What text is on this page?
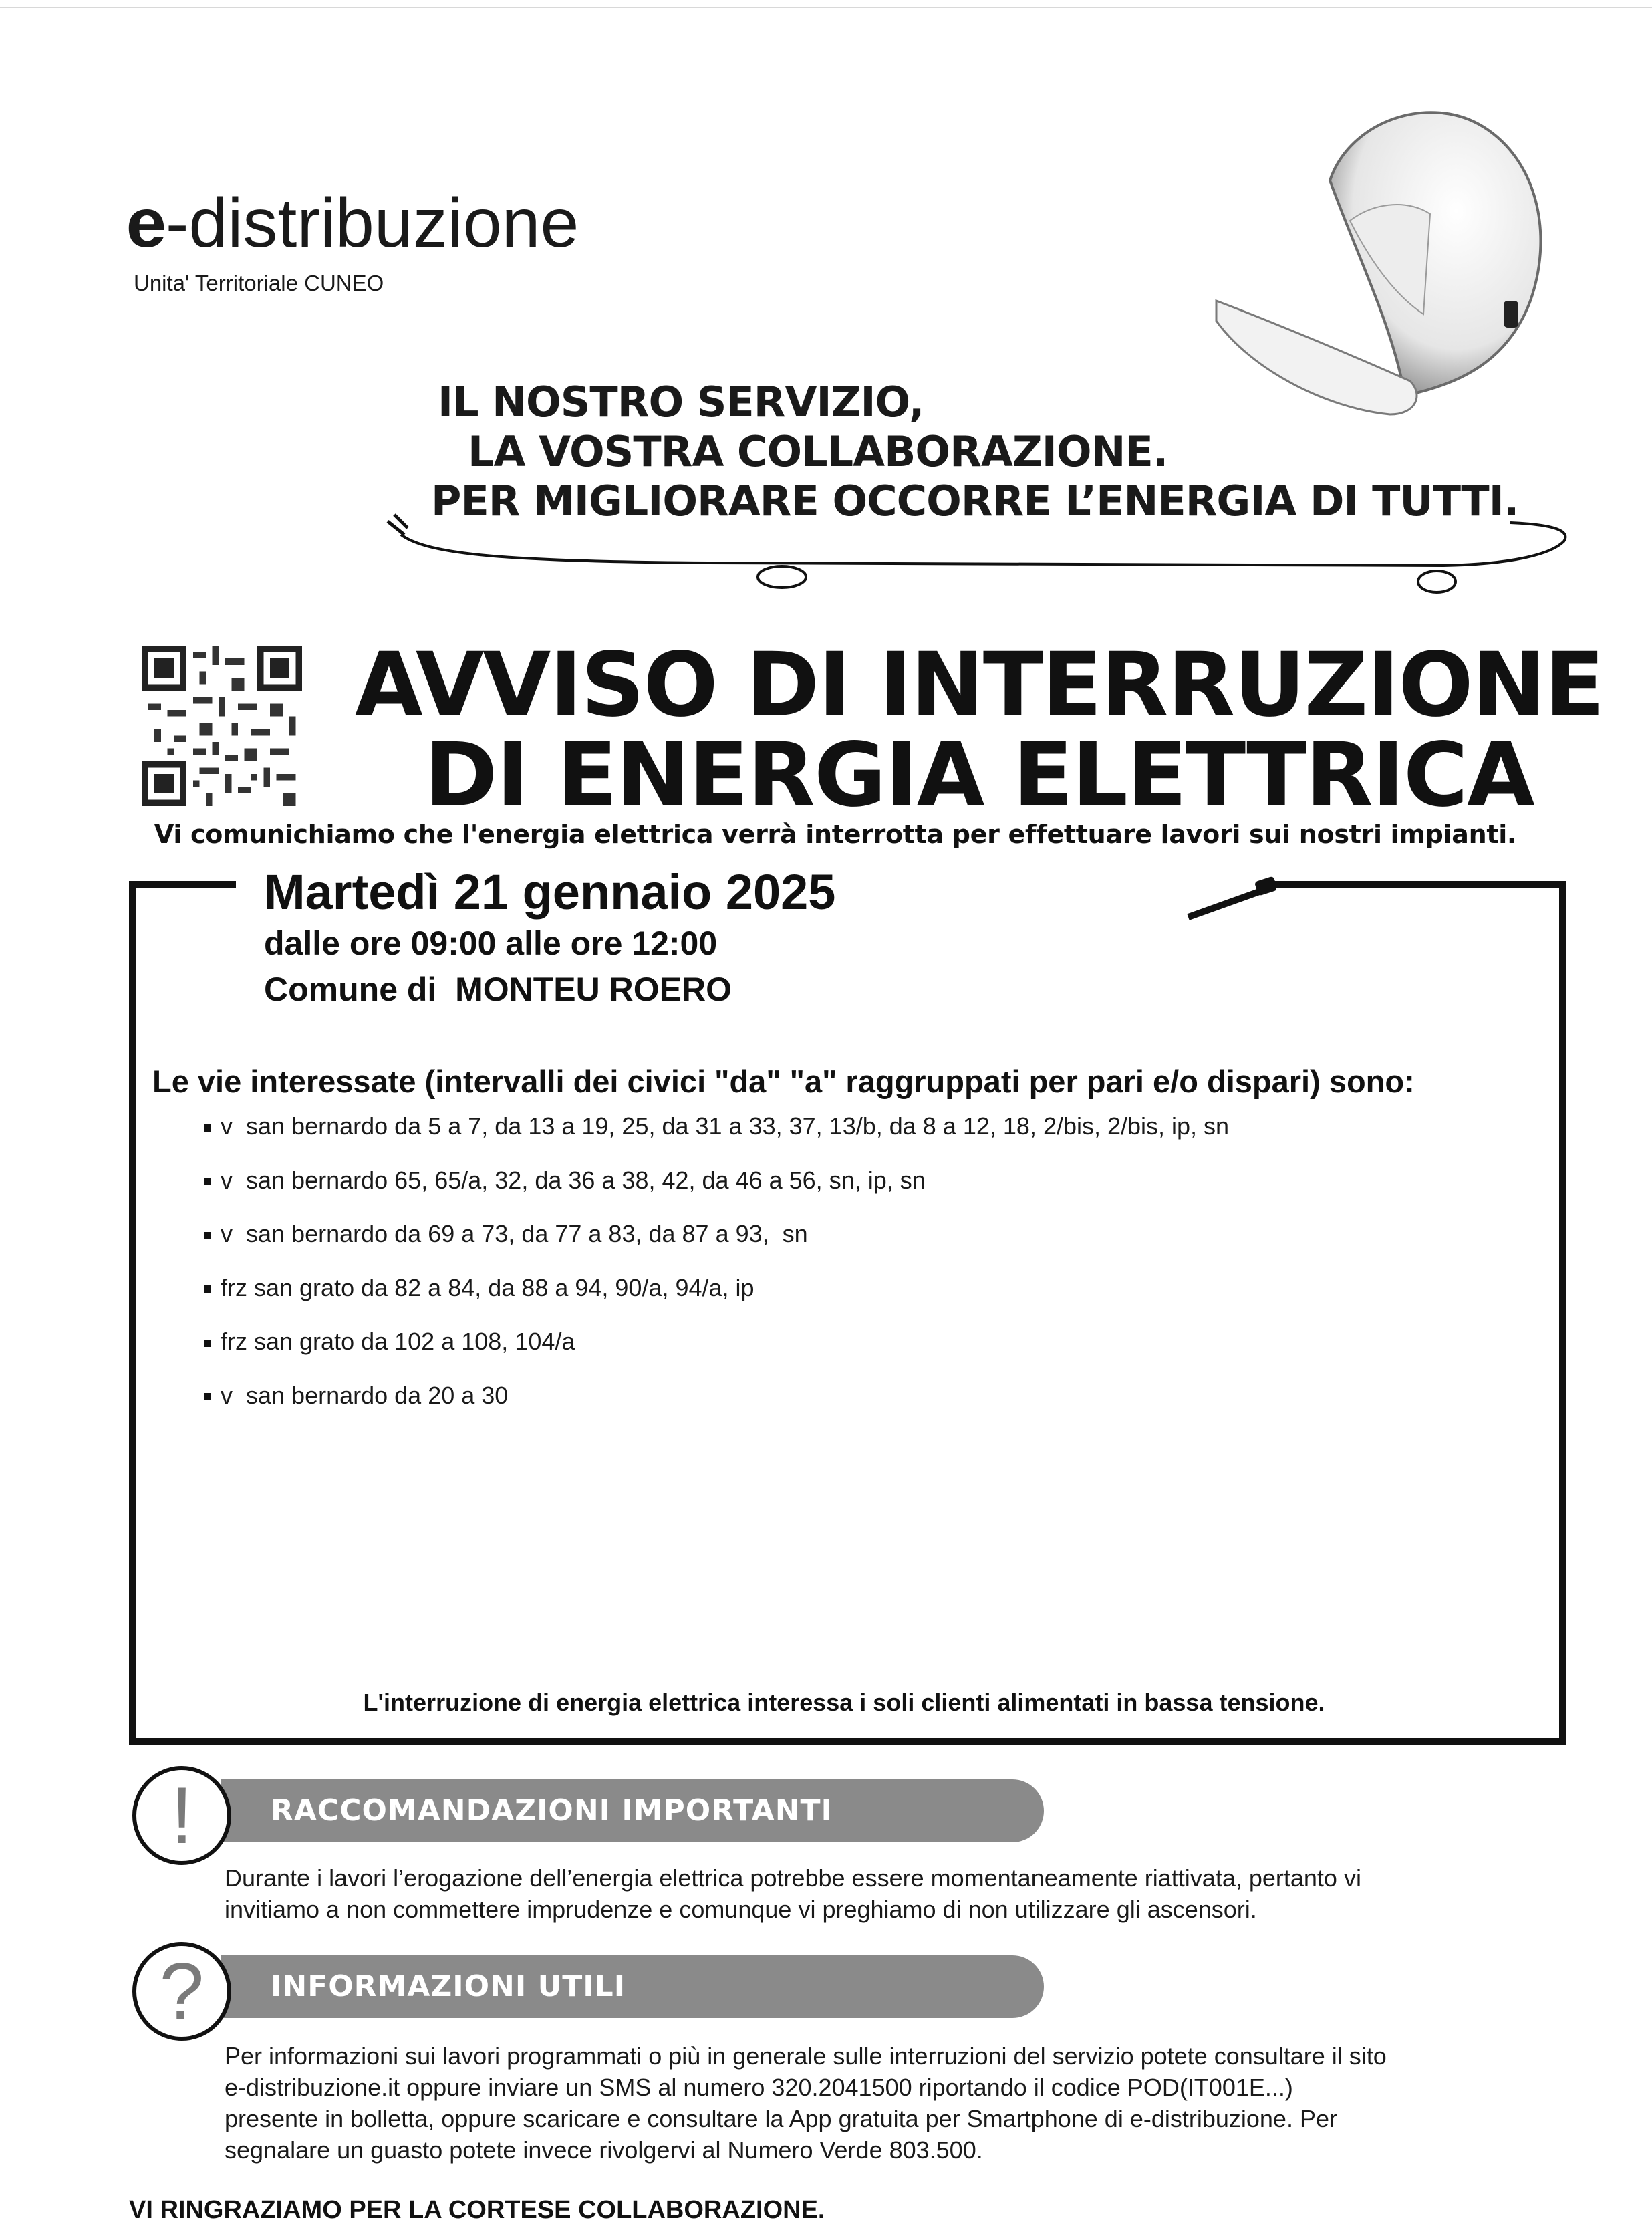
e-distribuzione
Unita' Territoriale CUNEO
IL NOSTRO SERVIZIO,
LA VOSTRA COLLABORAZIONE.
PER MIGLIORARE OCCORRE L’ENERGIA DI TUTTI.
AVVISO DI INTERRUZIONE
DI ENERGIA ELETTRICA
Vi comunichiamo che l'energia elettrica verrà interrotta per effettuare lavori sui nostri impianti.
Martedì 21 gennaio 2025
dalle ore 09:00 alle ore 12:00
Comune di  MONTEU ROERO
Le vie interessate (intervalli dei civici "da" "a" raggruppati per pari e/o dispari) sono:
v  san bernardo da 5 a 7, da 13 a 19, 25, da 31 a 33, 37, 13/b, da 8 a 12, 18, 2/bis, 2/bis, ip, sn
v  san bernardo 65, 65/a, 32, da 36 a 38, 42, da 46 a 56, sn, ip, sn
v  san bernardo da 69 a 73, da 77 a 83, da 87 a 93,  sn
frz san grato da 82 a 84, da 88 a 94, 90/a, 94/a, ip
frz san grato da 102 a 108, 104/a
v  san bernardo da 20 a 30
L'interruzione di energia elettrica interessa i soli clienti alimentati in bassa tensione.
RACCOMANDAZIONI IMPORTANTI
!
Durante i lavori l’erogazione dell’energia elettrica potrebbe essere momentaneamente riattivata, pertanto vi
invitiamo a non commettere imprudenze e comunque vi preghiamo di non utilizzare gli ascensori.
INFORMAZIONI UTILI
?
Per informazioni sui lavori programmati o più in generale sulle interruzioni del servizio potete consultare il sito
e-distribuzione.it oppure inviare un SMS al numero 320.2041500 riportando il codice POD(IT001E...)
presente in bolletta, oppure scaricare e consultare la App gratuita per Smartphone di e-distribuzione. Per
segnalare un guasto potete invece rivolgervi al Numero Verde 803.500.
VI RINGRAZIAMO PER LA CORTESE COLLABORAZIONE.
